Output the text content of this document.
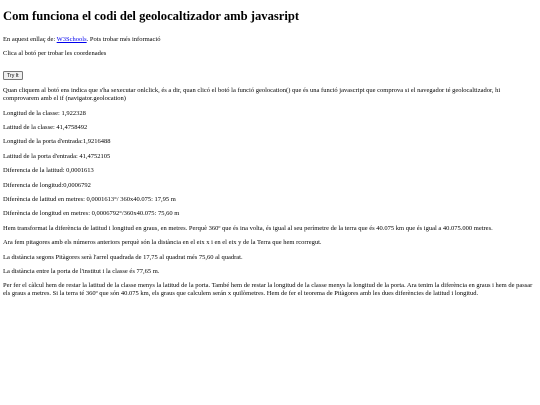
Com funciona el codi del geolocaltizador amb javasript

En aquest enllaç de: W3Schools. Pots trobar més informació

Clica al botó per trobar les coordenades

Try It

Quan cliquem al botó ens indica que s'ha sexecutar onlclick, és a dir, quan clicó el botó la funció geolocation() que és una funció javascript que comprova si el navegador té geolocaltizador, hi comprovarem amb el if (navigator.geolocation)

Longitud de la classe: 1,922328

Latitud de la classe: 41,4758492

Longitud de la porta d'entrada:1,9216488

Latitud de la porta d'entrada: 41,4752105

Diferencia de la latitud: 0,0001613

Diferencia de longitud:0,0006792

Diferència de latitud en metres: 0,0001613°/ 360x40.075: 17,95 m

Diferència de longitud en metres: 0,0006792°/360x40.075: 75,60 m

Hem transformat la diferència de latitud i longitud en graus, en metres. Perquè 360º que és ina volta, és igual al seu perímetre de la terra que és 40.075 km que és igual a 40.075.000 metres.

Ara fem pitagores amb els números anteriors perquè són la distància en el eix x i en el eix y de la Terra que hem rcorregut.

La distància segons Pitàgores serà l'arrel quadrada de 17,75 al quadrat més 75,60 al quadrat.

La distància entre la porta de l'institut i la classe és 77,65 m.

Per fer el càlcul hem de restar la latitud de la classe menys la latitud de la porta. També hem de restar la longitud de la classe menys la longitud de la porta. Ara tenim la diferència en graus i hem de passar els graus a metres. Si la terra té 360º que són 40.075 km, els graus que calculem serán x quilòmetres. Hem de fer el teorema de Pitàgores amb les dues diferències de latitud i longitud.
